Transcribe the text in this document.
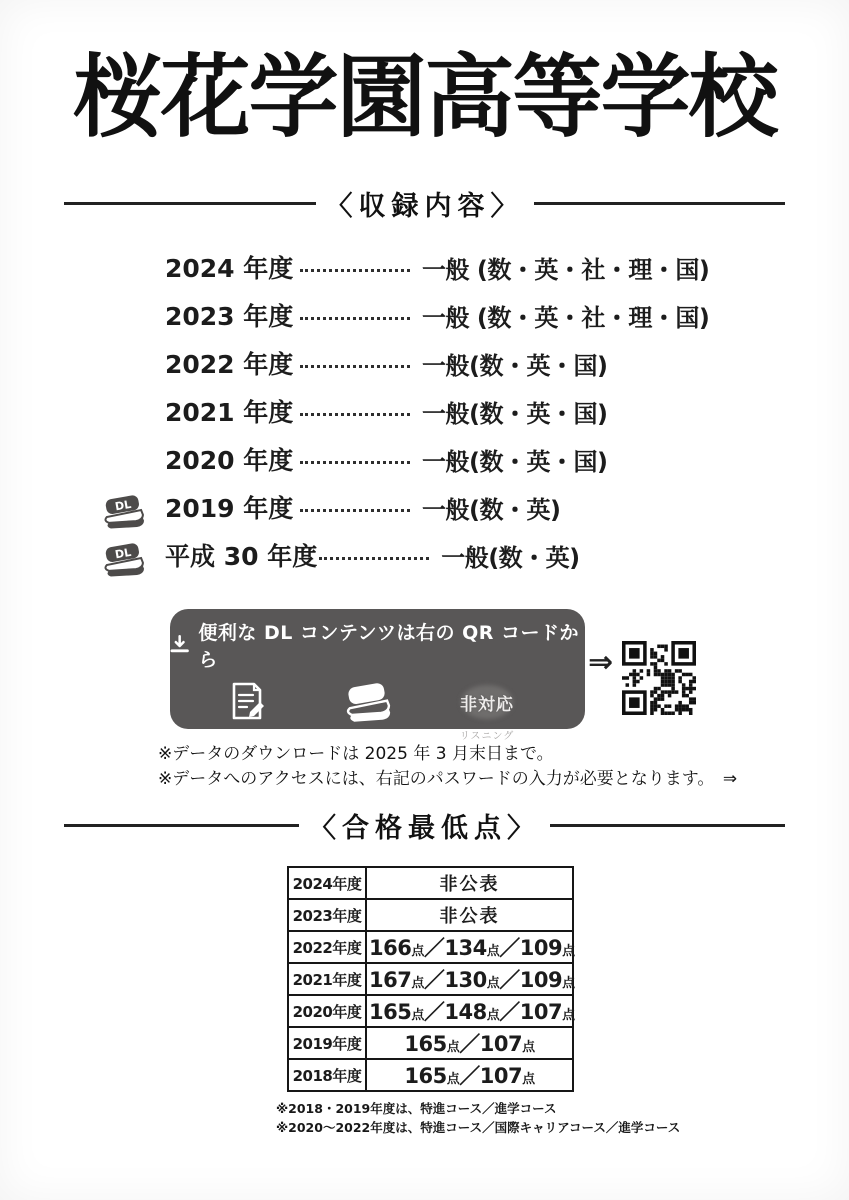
桜花学園高等学校
〈収録内容〉
2024 年度	一般 (数・英・社・理・国)
2023 年度	一般 (数・英・社・理・国)
2022 年度	一般(数・英・国)
2021 年度	一般(数・英・国)
2020 年度	一般(数・英・国)
DL 2019 年度	一般(数・英)
DL 平成 30 年度	一般(数・英)
便利な DL コンテンツは右の QR コードから
解答用紙	過去問題
非対応
リスニング
⇒
※データのダウンロードは 2025 年 3 月末日まで。
※データへのアクセスには、右記のパスワードの入力が必要となります。　⇒
〈合格最低点〉
2024年度	非公表
2023年度	非公表
2022年度	166点／134点／109点
2021年度	167点／130点／109点
2020年度	165点／148点／107点
2019年度	165点／107点
2018年度	165点／107点
※2018・2019年度は、特進コース／進学コース
※2020～2022年度は、特進コース／国際キャリアコース／進学コース
